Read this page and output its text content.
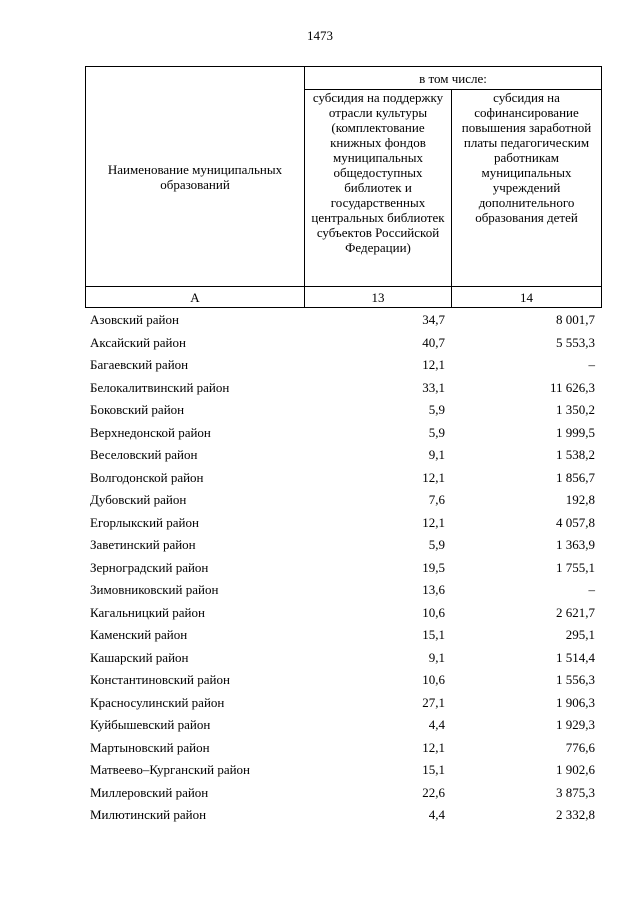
1473
Наименование муниципальных образований	в том числе:	
	субсидия на поддержку отрасли культуры (комплектование книжных фондов муниципальных общедоступных библиотек и государственных центральных библиотек субъектов Российской Федерации)	субсидия на софинансирование повышения заработной платы педагогическим работникам муниципальных учреждений дополнительного образования детей
А	13	14
Азовский район	34,7	8 001,7
Аксайский район	40,7	5 553,3
Багаевский район	12,1	–
Белокалитвинский район	33,1	11 626,3
Боковский район	5,9	1 350,2
Верхнедонской район	5,9	1 999,5
Веселовский район	9,1	1 538,2
Волгодонской район	12,1	1 856,7
Дубовский район	7,6	192,8
Егорлыкский район	12,1	4 057,8
Заветинский район	5,9	1 363,9
Зерноградский район	19,5	1 755,1
Зимовниковский район	13,6	–
Кагальницкий район	10,6	2 621,7
Каменский район	15,1	295,1
Кашарский район	9,1	1 514,4
Константиновский район	10,6	1 556,3
Красносулинский район	27,1	1 906,3
Куйбышевский район	4,4	1 929,3
Мартыновский район	12,1	776,6
Матвеево–Курганский район	15,1	1 902,6
Миллеровский район	22,6	3 875,3
Милютинский район	4,4	2 332,8
